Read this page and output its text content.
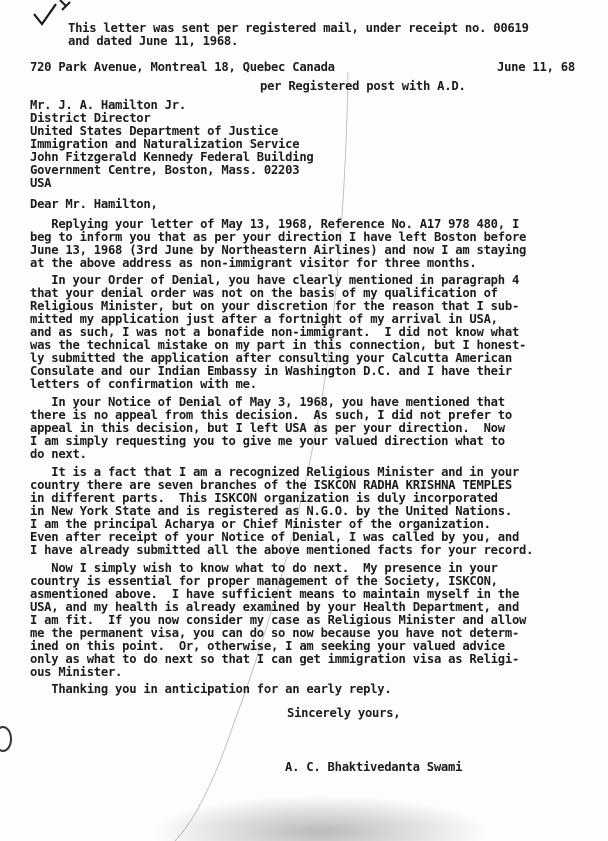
This letter was sent per registered mail, under receipt no. 00619
and dated June 11, 1968.
720 Park Avenue, Montreal 18, Quebec Canada	June 11, 68
per Registered post with A.D.
Mr. J. A. Hamilton Jr.
District Director
United States Department of Justice
Immigration and Naturalization Service
John Fitzgerald Kennedy Federal Building
Government Centre, Boston, Mass. 02203
USA
Dear Mr. Hamilton,
Replying your letter of May 13, 1968, Reference No. A17 978 480, I
beg to inform you that as per your direction I have left Boston before
June 13, 1968 (3rd June by Northeastern Airlines) and now I am staying
at the above address as non-immigrant visitor for three months.
In your Order of Denial, you have clearly mentioned in paragraph 4
that your denial order was not on the basis of my qualification of
Religious Minister, but on your discretion for the reason that I sub-
mitted my application just after a fortnight of my arrival in USA,
and as such, I was not a bonafide non-immigrant.  I did not know what
was the technical mistake on my part in this connection, but I honest-
ly submitted the application after consulting your Calcutta American
Consulate and our Indian Embassy in Washington D.C. and I have their
letters of confirmation with me.
In your Notice of Denial of May 3, 1968, you have mentioned that
there is no appeal from this decision.  As such, I did not prefer to
appeal in this decision, but I left USA as per your direction.  Now
I am simply requesting you to give me your valued direction what to
do next.
It is a fact that I am a recognized Religious Minister and in your
country there are seven branches of the ISKCON RADHA KRISHNA TEMPLES
in different parts.  This ISKCON organization is duly incorporated
in New York State and is registered as N.G.O. by the United Nations.
I am the principal Acharya or Chief Minister of the organization.
Even after receipt of your Notice of Denial, I was called by you, and
I have already submitted all the above mentioned facts for your record.
Now I simply wish to know what to do next.  My presence in your
country is essential for proper management of the Society, ISKCON,
asmentioned above.  I have sufficient means to maintain myself in the
USA, and my health is already examined by your Health Department, and
I am fit.  If you now consider my case as Religious Minister and allow
me the permanent visa, you can do so now because you have not determ-
ined on this point.  Or, otherwise, I am seeking your valued advice
only as what to do next so that I can get immigration visa as Religi-
ous Minister.
Thanking you in anticipation for an early reply.
Sincerely yours,
A. C. Bhaktivedanta Swami
